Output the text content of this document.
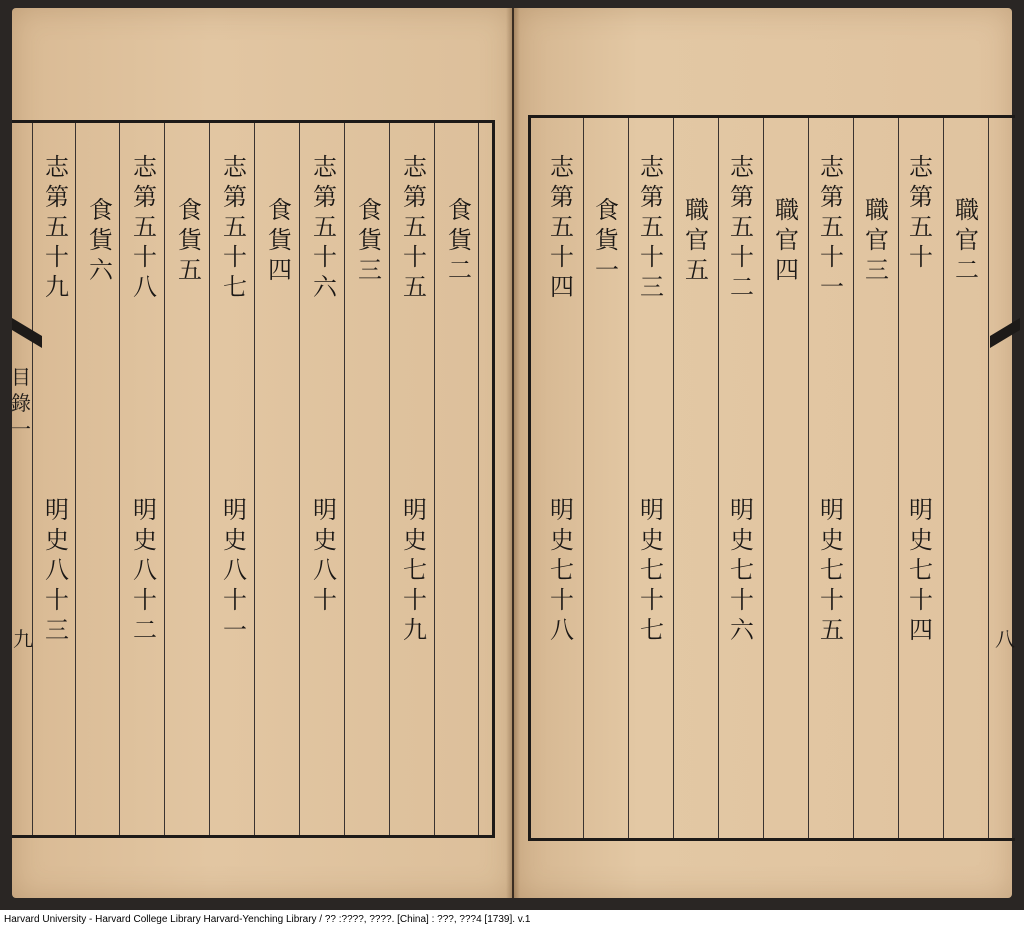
志
第
五
十
九
明
史
八
十
三
食
貨
六
志
第
五
十
八
明
史
八
十
二
食
貨
五
志
第
五
十
七
明
史
八
十
一
食
貨
四
志
第
五
十
六
明
史
八
十
食
貨
三
志
第
五
十
五
明
史
七
十
九
食
貨
二
目
錄
一
九
職
官
二
志
第
五
十
明
史
七
十
四
職
官
三
志
第
五
十
一
明
史
七
十
五
職
官
四
志
第
五
十
二
明
史
七
十
六
職
官
五
志
第
五
十
三
明
史
七
十
七
食
貨
一
志
第
五
十
四
明
史
七
十
八	八
Harvard University - Harvard College Library Harvard-Yenching Library / ?? :????, ????. [China] : ???, ???4 [1739]. v.1
